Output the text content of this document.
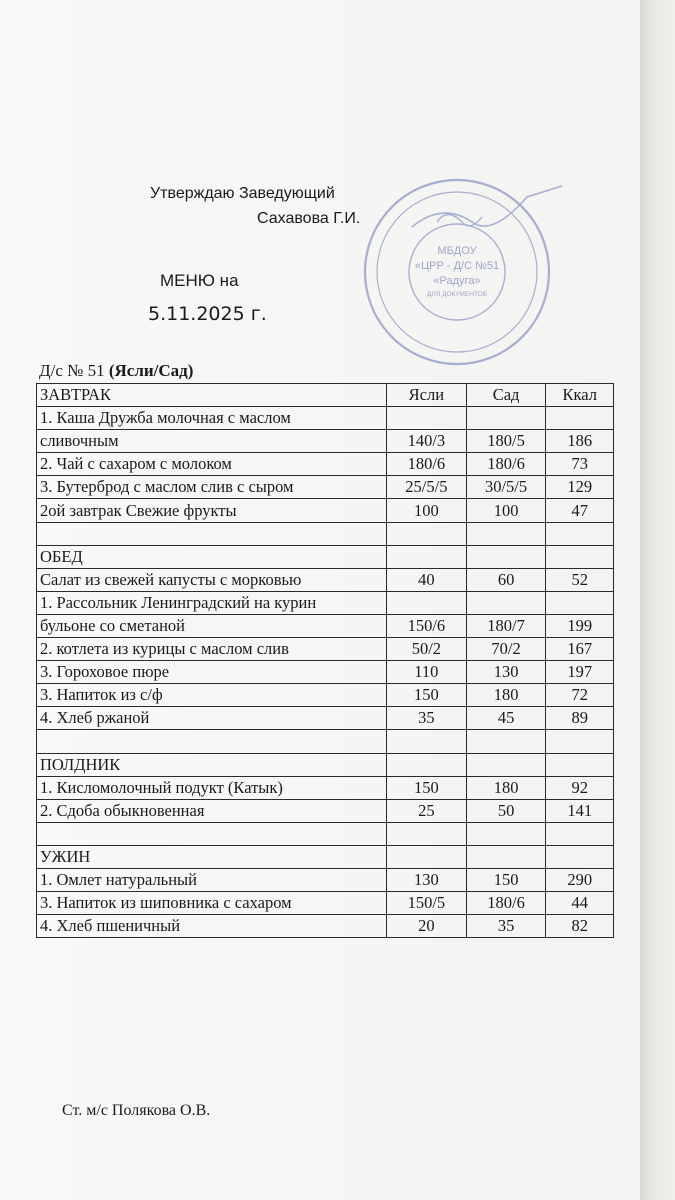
Утверждаю Заведующий
Сахавова Г.И.
МБДОУ
«ЦРР - Д/С №51
«Радуга»
ДЛЯ ДОКУМЕНТОВ
МЕНЮ на
5.11.2025 г.
Д/с № 51 (Ясли/Сад)
ЗАВТРАК	Ясли	Сад	Ккал
1. Каша Дружба молочная с маслом			
сливочным	140/3	180/5	186
2. Чай с сахаром с молоком	180/6	180/6	73
3. Бутерброд с маслом слив с сыром	25/5/5	30/5/5	129
2ой завтрак Свежие фрукты	100	100	47

ОБЕД			
Салат из свежей капусты с морковью	40	60	52
1. Рассольник Ленинградский на курин			
бульоне со сметаной	150/6	180/7	199
2. котлета из курицы с маслом слив	50/2	70/2	167
3. Гороховое пюре	110	130	197
3. Напиток из с/ф	150	180	72
4. Хлеб ржаной	35	45	89

ПОЛДНИК			
1. Кисломолочный подукт (Катык)	150	180	92
2. Сдоба обыкновенная	25	50	141

УЖИН			
1. Омлет натуральный	130	150	290
3. Напиток из шиповника с сахаром	150/5	180/6	44
4. Хлеб пшеничный	20	35	82
Ст. м/с Полякова О.В.
